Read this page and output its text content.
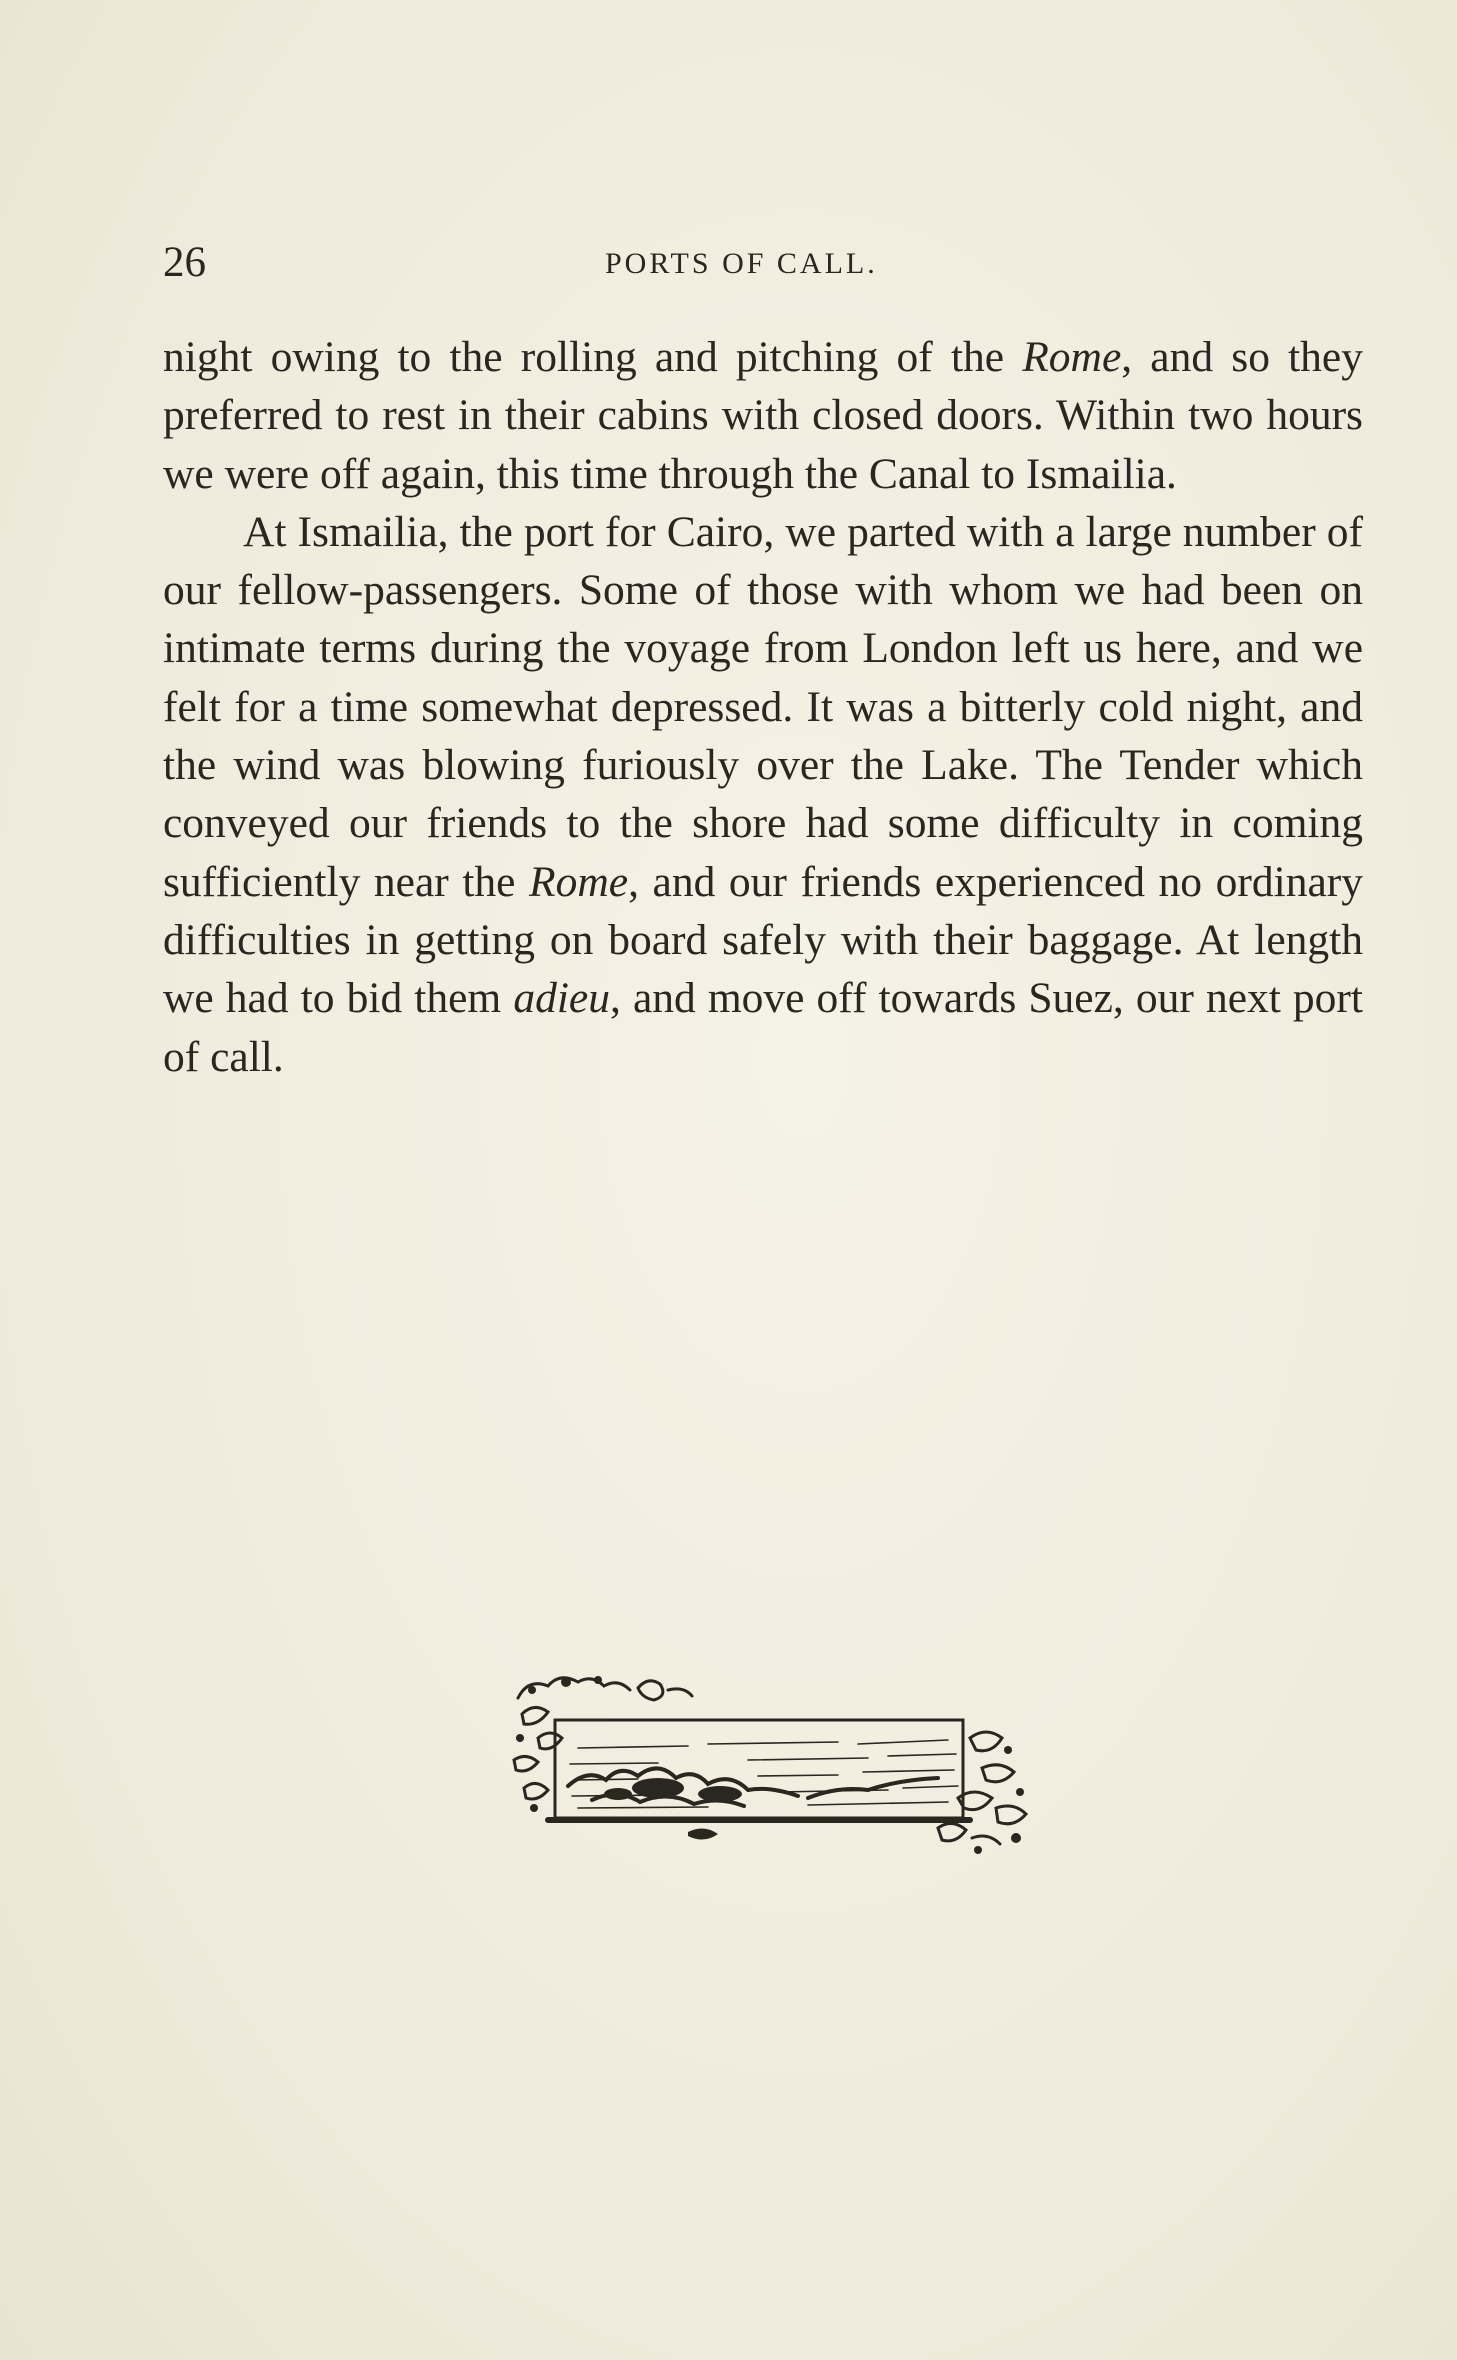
26	PORTS OF CALL.

night owing to the rolling and pitching of the Rome, and so they preferred to rest in their cabins with closed doors. Within two hours we were off again, this time through the Canal to Ismailia.

At Ismailia, the port for Cairo, we parted with a large number of our fellow-passengers. Some of those with whom we had been on intimate terms during the voyage from London left us here, and we felt for a time somewhat depressed. It was a bitterly cold night, and the wind was blowing furiously over the Lake. The Tender which conveyed our friends to the shore had some difficulty in coming sufficiently near the Rome, and our friends experienced no ordinary difficulties in getting on board safely with their baggage. At length we had to bid them adieu, and move off towards Suez, our next port of call.
